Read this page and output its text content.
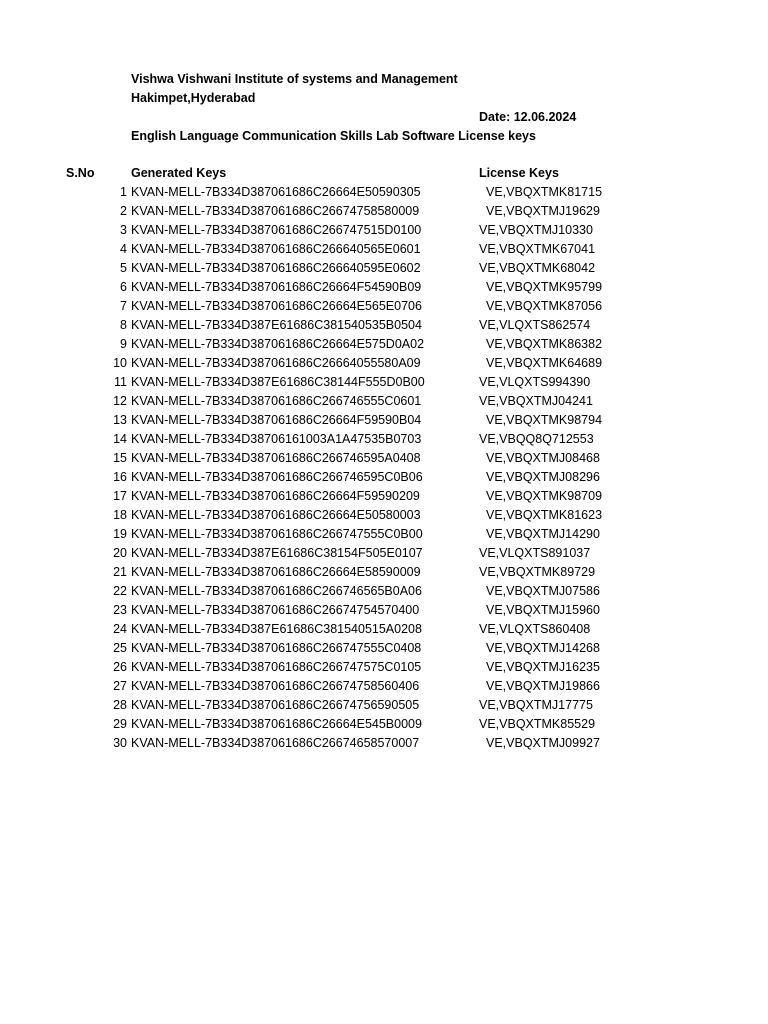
Vishwa Vishwani Institute of systems and Management
Hakimpet,Hyderabad
Date: 12.06.2024
English Language Communication Skills Lab Software License keys
S.No	Generated Keys	License Keys
1 KVAN-MELL-7B334D387061686C26664E50590305	VE,VBQXTMK81715
2 KVAN-MELL-7B334D387061686C26674758580009	VE,VBQXTMJ19629
3 KVAN-MELL-7B334D387061686C266747515D0100	VE,VBQXTMJ10330
4 KVAN-MELL-7B334D387061686C266640565E0601	VE,VBQXTMK67041
5 KVAN-MELL-7B334D387061686C266640595E0602	VE,VBQXTMK68042
6 KVAN-MELL-7B334D387061686C26664F54590B09	VE,VBQXTMK95799
7 KVAN-MELL-7B334D387061686C26664E565E0706	VE,VBQXTMK87056
8 KVAN-MELL-7B334D387E61686C381540535B0504	VE,VLQXTS862574
9 KVAN-MELL-7B334D387061686C26664E575D0A02	VE,VBQXTMK86382
10 KVAN-MELL-7B334D387061686C26664055580A09	VE,VBQXTMK64689
11 KVAN-MELL-7B334D387E61686C38144F555D0B00	VE,VLQXTS994390
12 KVAN-MELL-7B334D387061686C266746555C0601	VE,VBQXTMJ04241
13 KVAN-MELL-7B334D387061686C26664F59590B04	VE,VBQXTMK98794
14 KVAN-MELL-7B334D38706161003A1A47535B0703	VE,VBQQ8Q712553
15 KVAN-MELL-7B334D387061686C266746595A0408	VE,VBQXTMJ08468
16 KVAN-MELL-7B334D387061686C266746595C0B06	VE,VBQXTMJ08296
17 KVAN-MELL-7B334D387061686C26664F59590209	VE,VBQXTMK98709
18 KVAN-MELL-7B334D387061686C26664E50580003	VE,VBQXTMK81623
19 KVAN-MELL-7B334D387061686C266747555C0B00	VE,VBQXTMJ14290
20 KVAN-MELL-7B334D387E61686C38154F505E0107	VE,VLQXTS891037
21 KVAN-MELL-7B334D387061686C26664E58590009	VE,VBQXTMK89729
22 KVAN-MELL-7B334D387061686C266746565B0A06	VE,VBQXTMJ07586
23 KVAN-MELL-7B334D387061686C26674754570400	VE,VBQXTMJ15960
24 KVAN-MELL-7B334D387E61686C381540515A0208	VE,VLQXTS860408
25 KVAN-MELL-7B334D387061686C266747555C0408	VE,VBQXTMJ14268
26 KVAN-MELL-7B334D387061686C266747575C0105	VE,VBQXTMJ16235
27 KVAN-MELL-7B334D387061686C26674758560406	VE,VBQXTMJ19866
28 KVAN-MELL-7B334D387061686C26674756590505	VE,VBQXTMJ17775
29 KVAN-MELL-7B334D387061686C26664E545B0009	VE,VBQXTMK85529
30 KVAN-MELL-7B334D387061686C26674658570007	VE,VBQXTMJ09927
